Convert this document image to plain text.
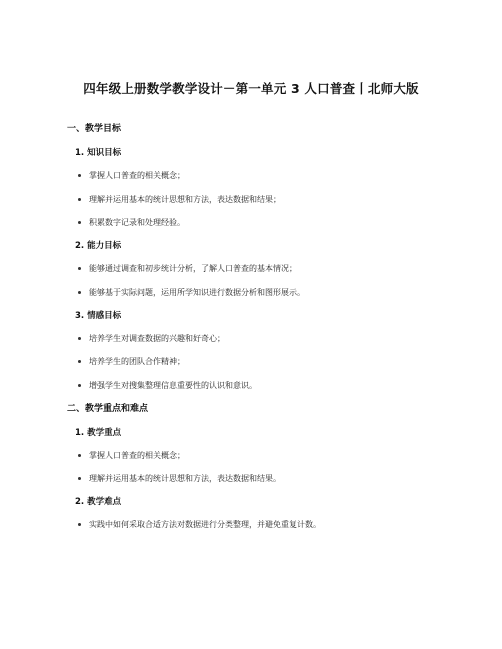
四年级上册数学教学设计－第一单元 3 人口普查丨北师大版
一、教学目标
1. 知识目标
掌握人口普查的相关概念；
理解并运用基本的统计思想和方法，表达数据和结果；
积累数字记录和处理经验。
2. 能力目标
能够通过调查和初步统计分析，了解人口普查的基本情况；
能够基于实际问题，运用所学知识进行数据分析和图形展示。
3. 情感目标
培养学生对调查数据的兴趣和好奇心；
培养学生的团队合作精神；
增强学生对搜集整理信息重要性的认识和意识。
二、教学重点和难点
1. 教学重点
掌握人口普查的相关概念；
理解并运用基本的统计思想和方法，表达数据和结果。
2. 教学难点
实践中如何采取合适方法对数据进行分类整理，并避免重复计数。
